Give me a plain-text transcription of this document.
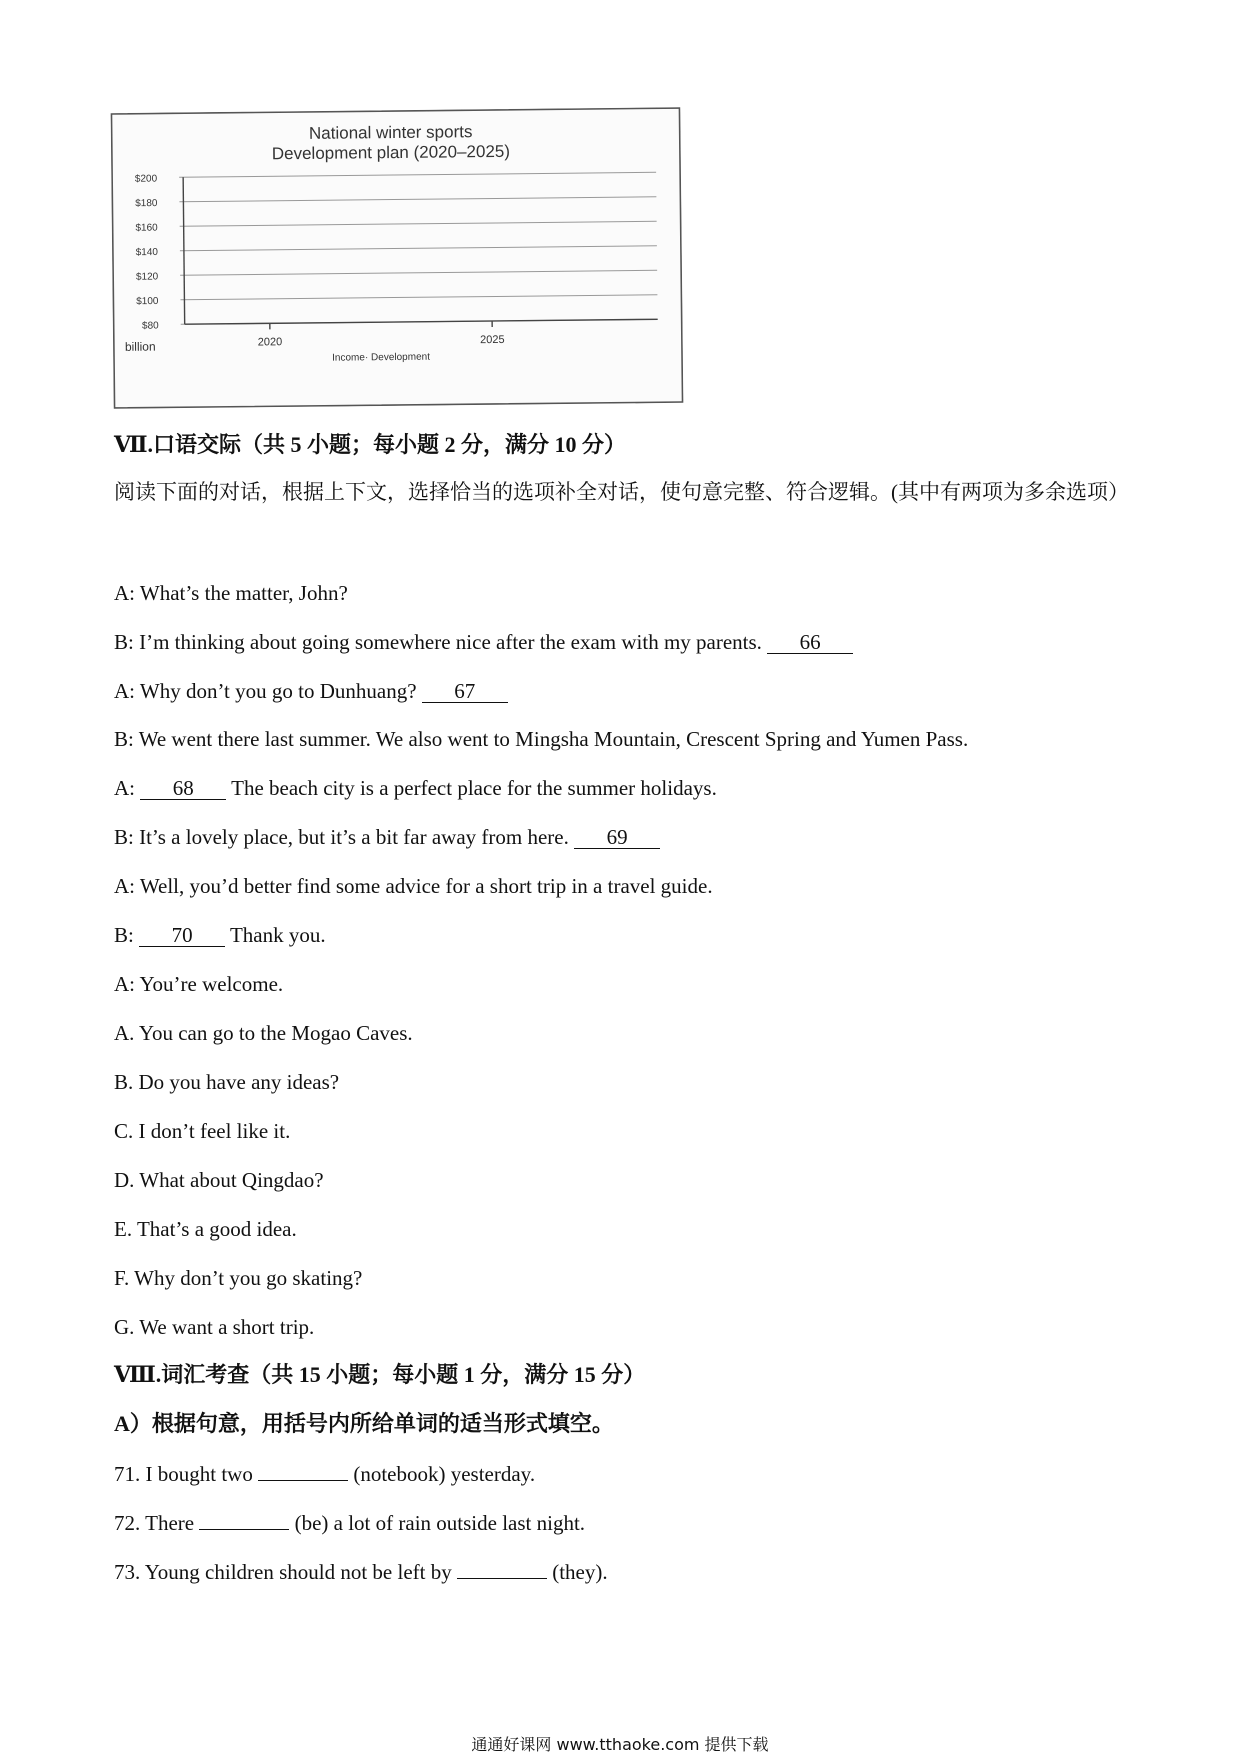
National winter sports
Development plan (2020–2025)
$200
$180
$160
$140
$120
$100
$80
2020	2025
billion
Income· Development
Ⅶ.口语交际（共 5 小题；每小题 2 分，满分 10 分）
阅读下面的对话，根据上下文，选择恰当的选项补全对话，使句意完整、符合逻辑。(其中有两项为多余选项）
A: What’s the matter, John?
B: I’m thinking about going somewhere nice after the exam with my parents. 66
A: Why don’t you go to Dunhuang? 67
B: We went there last summer. We also went to Mingsha Mountain, Crescent Spring and Yumen Pass.
A: 68 The beach city is a perfect place for the summer holidays.
B: It’s a lovely place, but it’s a bit far away from here. 69
A: Well, you’d better find some advice for a short trip in a travel guide.
B: 70 Thank you.
A: You’re welcome.
A. You can go to the Mogao Caves.
B. Do you have any ideas?
C. I don’t feel like it.
D. What about Qingdao?
E. That’s a good idea.
F. Why don’t you go skating?
G. We want a short trip.
Ⅷ.词汇考查（共 15 小题；每小题 1 分，满分 15 分）
A）根据句意，用括号内所给单词的适当形式填空。
71. I bought two	(notebook) yesterday.
72. There	(be) a lot of rain outside last night.
73. Young children should not be left by	(they).
通通好课网 www.tthaoke.com 提供下载
